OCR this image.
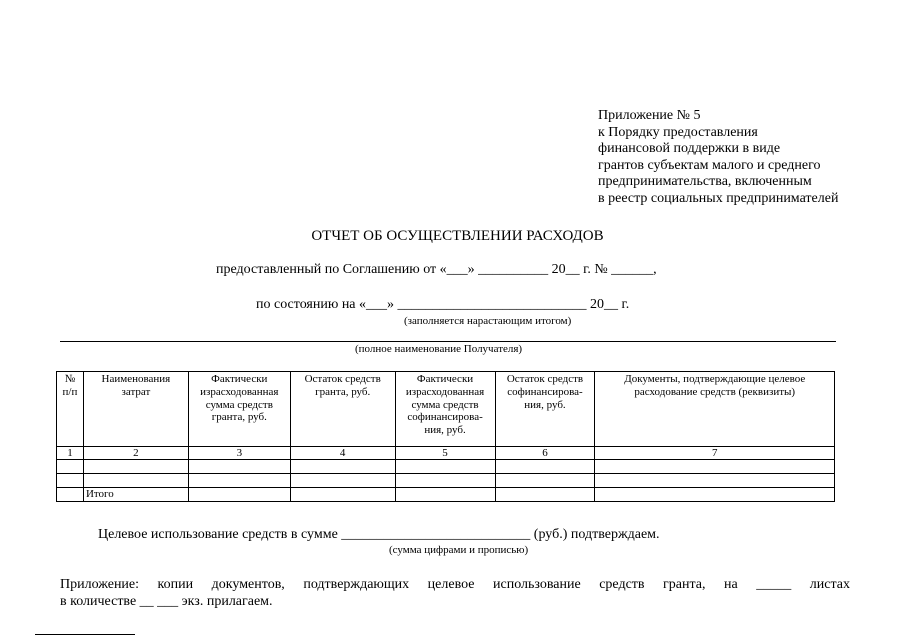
Приложение № 5
к Порядку предоставления
финансовой поддержки в виде
грантов субъектам малого и среднего
предпринимательства, включенным
в реестр социальных предпринимателей
ОТЧЕТ ОБ ОСУЩЕСТВЛЕНИИ РАСХОДОВ
предоставленный по Соглашению от «___» __________ 20__ г. № ______,
по состоянию на «___» ___________________________ 20__ г.
(заполняется нарастающим итогом)
(полное наименование Получателя)
№ п/п	Наименования затрат	Фактически израсходованная сумма средств гранта, руб.	Остаток средств гранта, руб.	Фактически израсходованная сумма средств софинансирова-ния, руб.	Остаток средств софинансирова-ния, руб.	Документы, подтверждающие целевое расходование средств (реквизиты)
1	2	3	4	5	6	7

	Итого					
Целевое использование средств в сумме ___________________________ (руб.) подтверждаем.
(сумма цифрами и прописью)
Приложение: копии документов, подтверждающих целевое использование средств гранта, на _____ листах
в количестве __ ___ экз. прилагаем.
